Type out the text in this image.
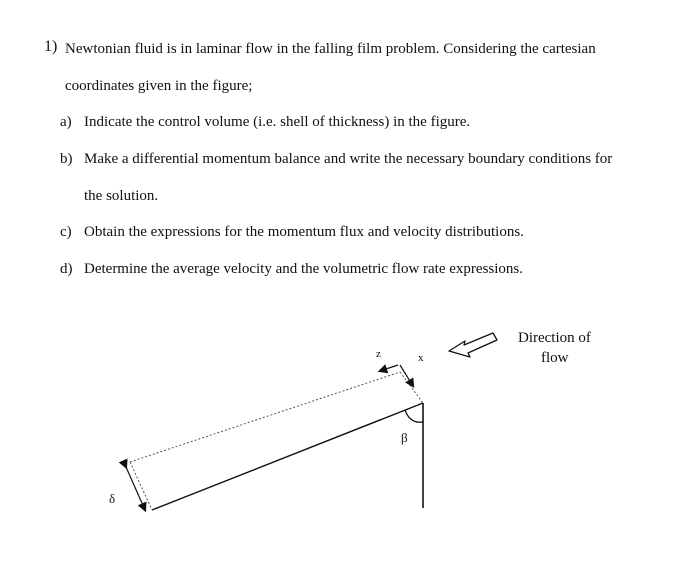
1) Newtonian fluid is in laminar flow in the falling film problem. Considering the cartesian
coordinates given in the figure;
a) Indicate the control volume (i.e. shell of thickness) in the figure.
b) Make a differential momentum balance and write the necessary boundary conditions for
the solution.
c) Obtain the expressions for the momentum flux and velocity distributions.
d) Determine the average velocity and the volumetric flow rate expressions.
Direction of
flow
z	x
β
δ
